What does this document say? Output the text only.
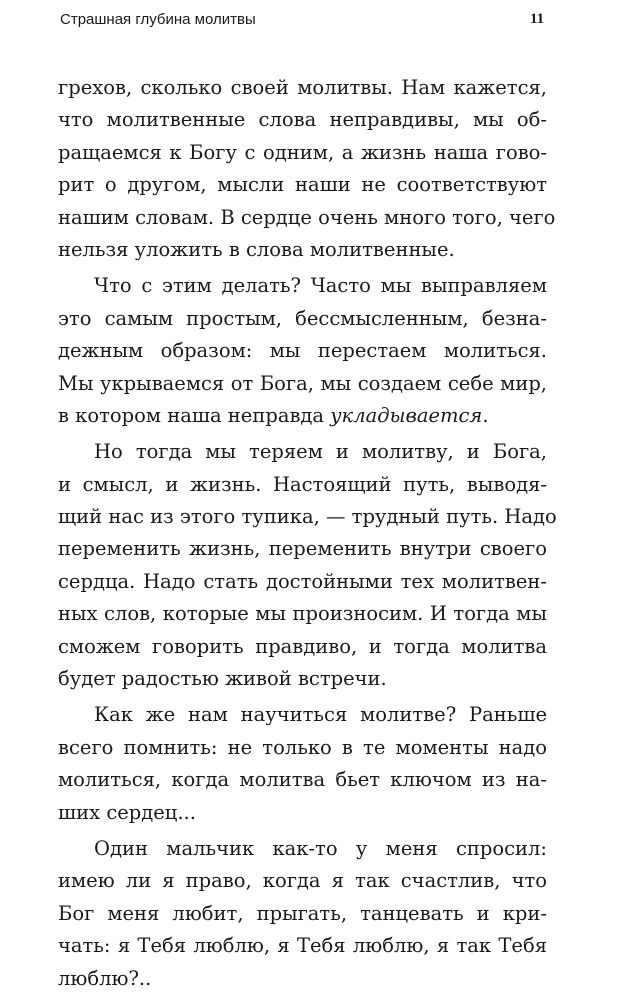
Страшная глубина молитвы	11
грехов, сколько своей молитвы. Нам кажется,
что молитвенные слова неправдивы, мы об-
ращаемся к Богу с одним, а жизнь наша гово-
рит о другом, мысли наши не соответствуют
нашим словам. В сердце очень много того, чего
нельзя уложить в слова молитвенные.
Что с этим делать? Часто мы выправляем
это самым простым, бессмысленным, безна-
дежным образом: мы перестаем молиться.
Мы укрываемся от Бога, мы создаем себе мир,
в котором наша неправда укладывается.
Но тогда мы теряем и молитву, и Бога,
и смысл, и жизнь. Настоящий путь, выводя-
щий нас из этого тупика, — трудный путь. Надо
переменить жизнь, переменить внутри своего
сердца. Надо стать достойными тех молитвен-
ных слов, которые мы произносим. И тогда мы
сможем говорить правдиво, и тогда молитва
будет радостью живой встречи.
Как же нам научиться молитве? Раньше
всего помнить: не только в те моменты надо
молиться, когда молитва бьет ключом из на-
ших сердец...
Один мальчик как-то у меня спросил:
имею ли я право, когда я так счастлив, что
Бог меня любит, прыгать, танцевать и кри-
чать: я Тебя люблю, я Тебя люблю, я так Тебя
люблю?..
